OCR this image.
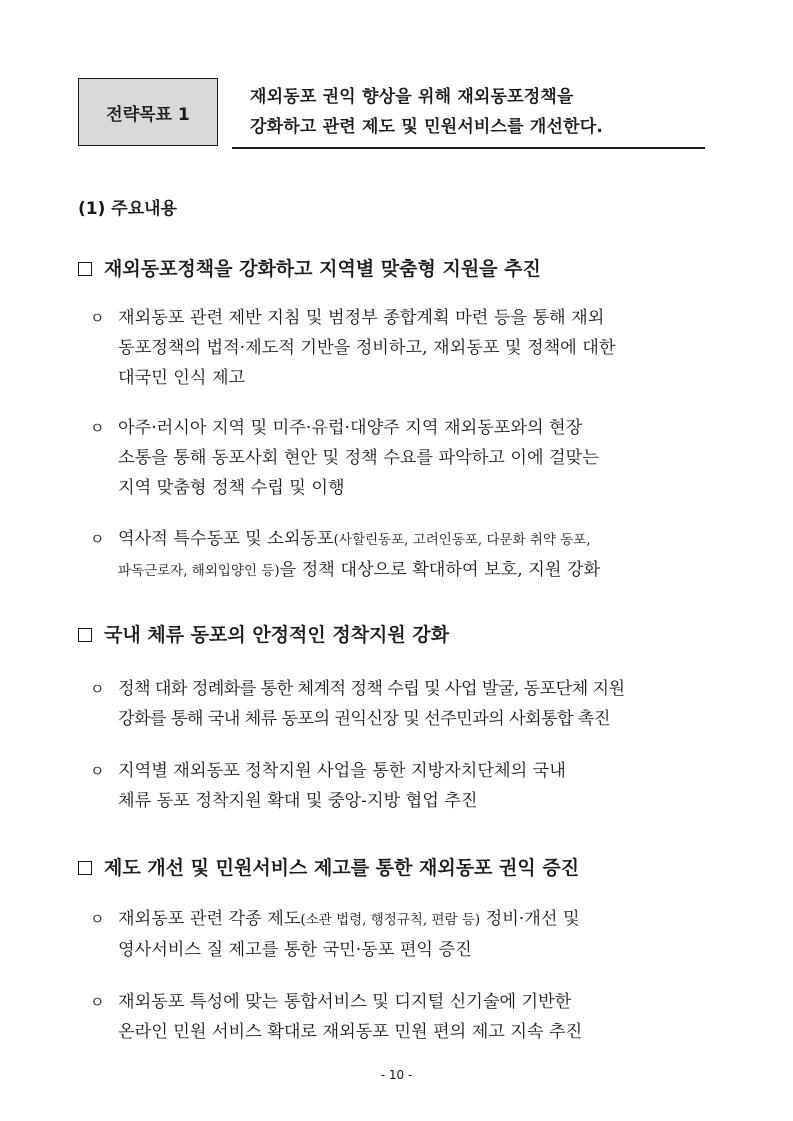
전략목표 1
재외동포 권익 향상을 위해 재외동포정책을
강화하고 관련 제도 및 민원서비스를 개선한다.
(1) 주요내용
재외동포정책을 강화하고 지역별 맞춤형 지원을 추진
ㅇ 재외동포 관련 제반 지침 및 범정부 종합계획 마련 등을 통해 재외
동포정책의 법적·제도적 기반을 정비하고, 재외동포 및 정책에 대한
대국민 인식 제고
ㅇ 아주·러시아 지역 및 미주·유럽·대양주 지역 재외동포와의 현장
소통을 통해 동포사회 현안 및 정책 수요를 파악하고 이에 걸맞는
지역 맞춤형 정책 수립 및 이행
ㅇ 역사적 특수동포 및 소외동포(사할린동포, 고려인동포, 다문화 취약 동포,
파독근로자, 해외입양인 등)을 정책 대상으로 확대하여 보호, 지원 강화
국내 체류 동포의 안정적인 정착지원 강화
ㅇ 정책 대화 정례화를 통한 체계적 정책 수립 및 사업 발굴, 동포단체 지원
강화를 통해 국내 체류 동포의 권익신장 및 선주민과의 사회통합 촉진
ㅇ 지역별 재외동포 정착지원 사업을 통한 지방자치단체의 국내
체류 동포 정착지원 확대 및 중앙-지방 협업 추진
제도 개선 및 민원서비스 제고를 통한 재외동포 권익 증진
ㅇ 재외동포 관련 각종 제도(소관 법령, 행정규칙, 편람 등) 정비·개선 및
영사서비스 질 제고를 통한 국민·동포 편익 증진
ㅇ 재외동포 특성에 맞는 통합서비스 및 디지털 신기술에 기반한
온라인 민원 서비스 확대로 재외동포 민원 편의 제고 지속 추진
- 10 -
